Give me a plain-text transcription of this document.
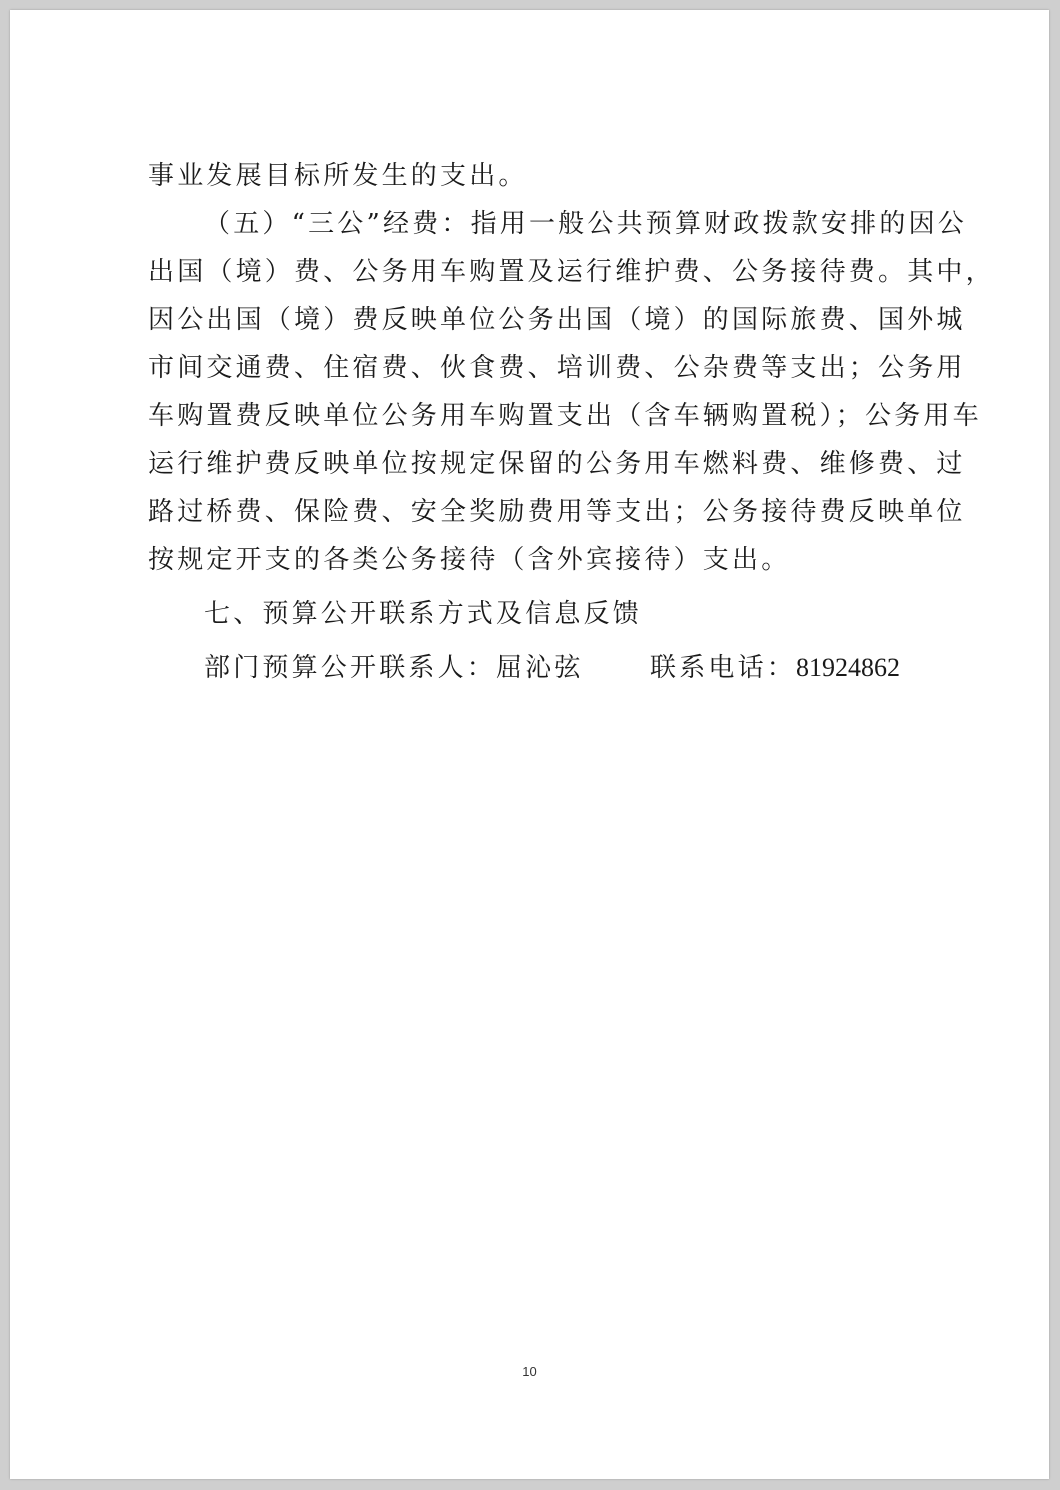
事业发展目标所发生的支出。
（五）“三公”经费：指用一般公共预算财政拨款安排的因公
出国（境）费、公务用车购置及运行维护费、公务接待费。其中，
因公出国（境）费反映单位公务出国（境）的国际旅费、国外城
市间交通费、住宿费、伙食费、培训费、公杂费等支出；公务用
车购置费反映单位公务用车购置支出（含车辆购置税）；公务用车
运行维护费反映单位按规定保留的公务用车燃料费、维修费、过
路过桥费、保险费、安全奖励费用等支出；公务接待费反映单位
按规定开支的各类公务接待（含外宾接待）支出。
七、预算公开联系方式及信息反馈
部门预算公开联系人：屈沁弦	联系电话：81924862
10
